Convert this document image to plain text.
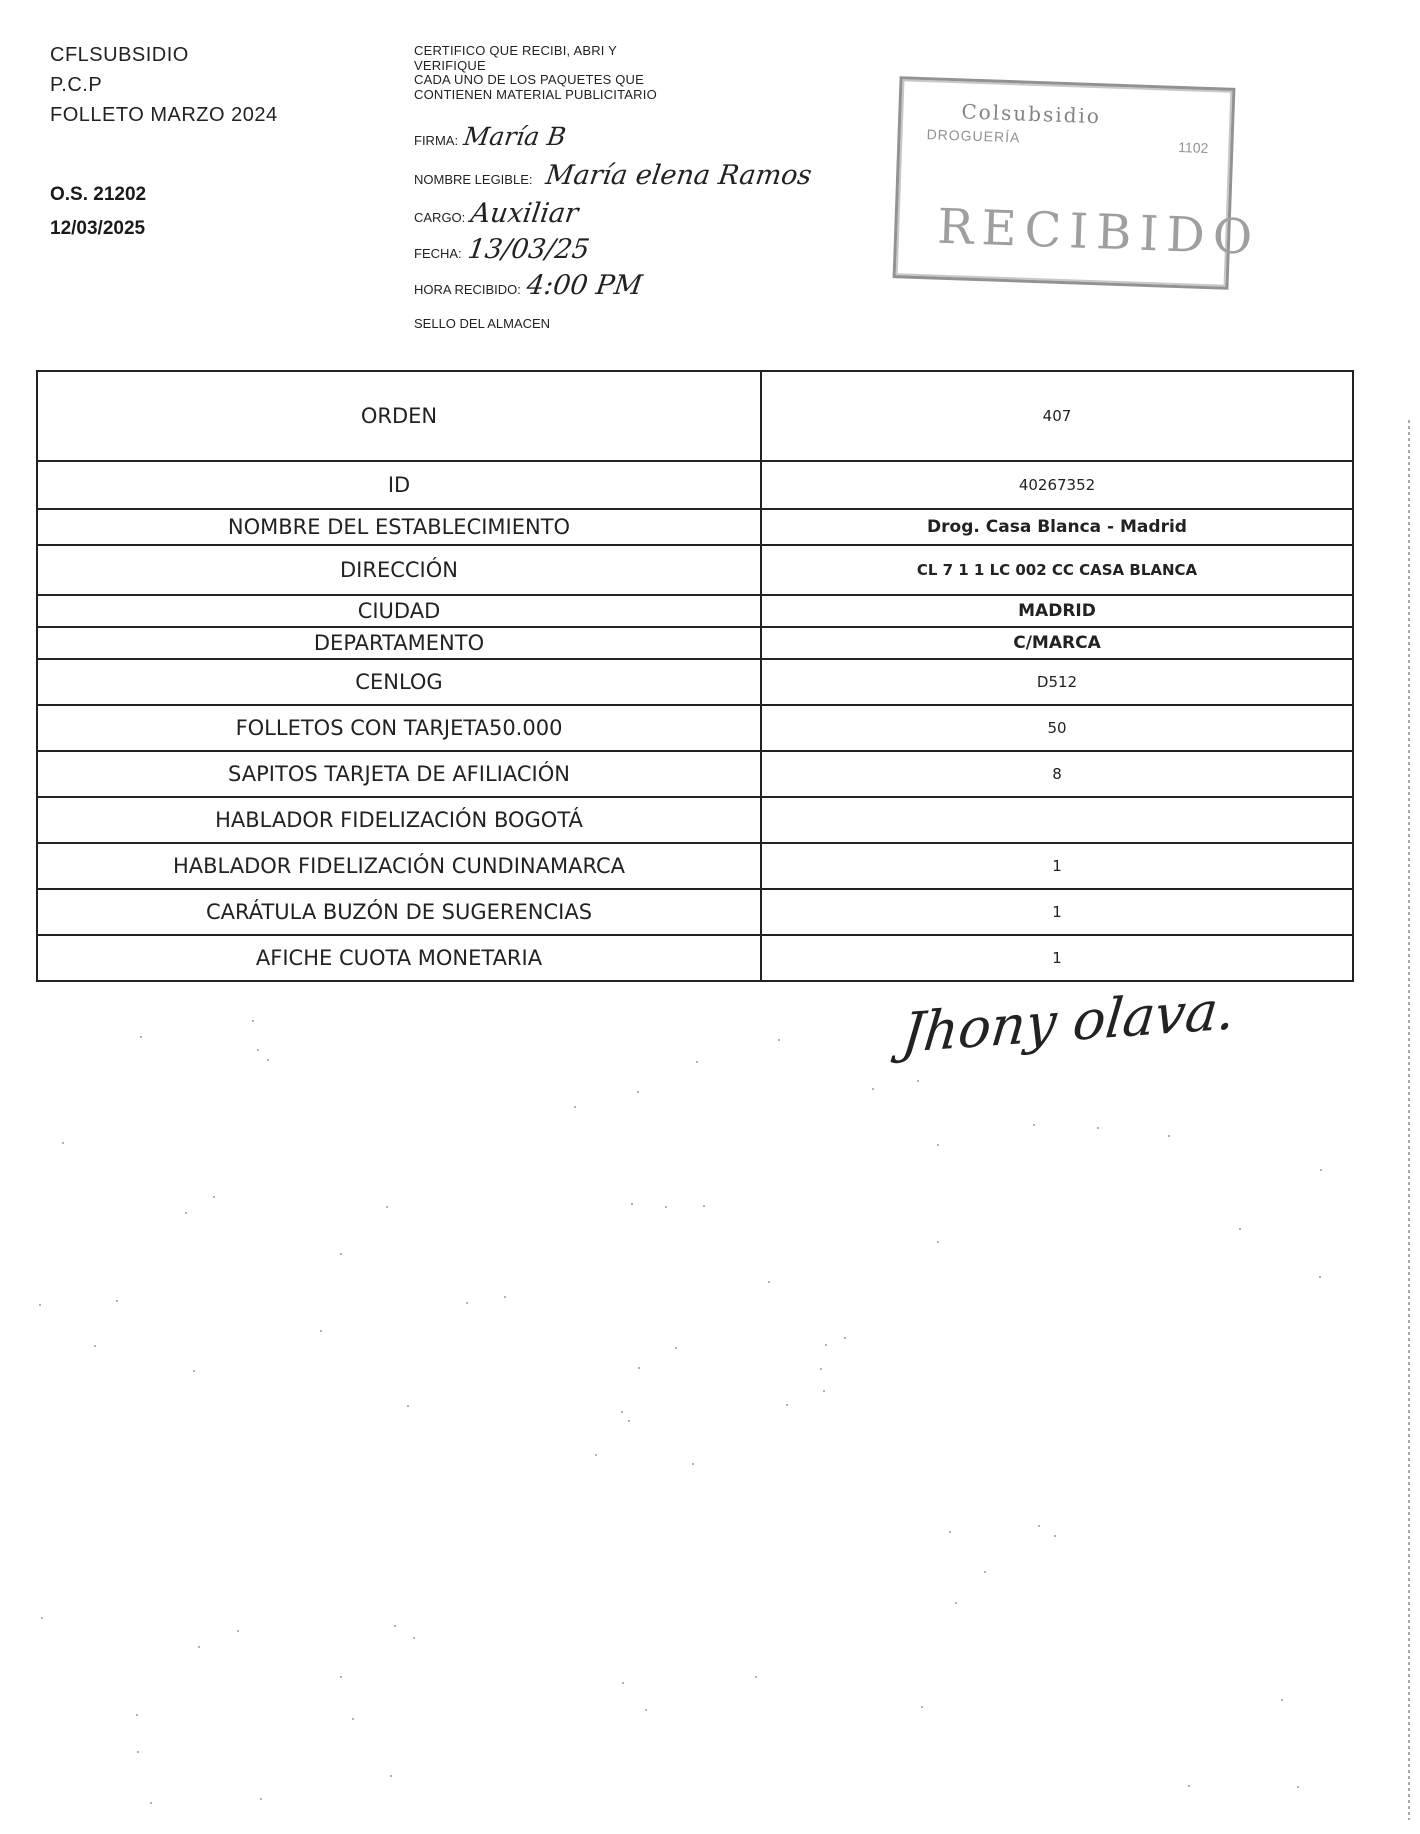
CFLSUBSIDIO
P.C.P
FOLLETO MARZO 2024
O.S. 21202
12/03/2025
CERTIFICO QUE RECIBI, ABRI Y
VERIFIQUE
CADA UNO DE LOS PAQUETES QUE
CONTIENEN MATERIAL PUBLICITARIO
FIRMA: María B
NOMBRE LEGIBLE: María elena Ramos
CARGO: Auxiliar
FECHA: 13/03/25
HORA RECIBIDO: 4:00 PM
SELLO DEL ALMACEN
Colsubsidio
DROGUERÍA
1102
RECIBIDO
ORDEN	407
ID	40267352
NOMBRE DEL ESTABLECIMIENTO	Drog. Casa Blanca - Madrid
DIRECCIÓN	CL 7 1 1 LC 002 CC CASA BLANCA
CIUDAD	MADRID
DEPARTAMENTO	C/MARCA
CENLOG	D512
FOLLETOS CON TARJETA50.000	50
SAPITOS TARJETA DE AFILIACIÓN	8
HABLADOR FIDELIZACIÓN BOGOTÁ	
HABLADOR FIDELIZACIÓN CUNDINAMARCA	1
CARÁTULA BUZÓN DE SUGERENCIAS	1
AFICHE CUOTA MONETARIA	1
Jhony olava.
